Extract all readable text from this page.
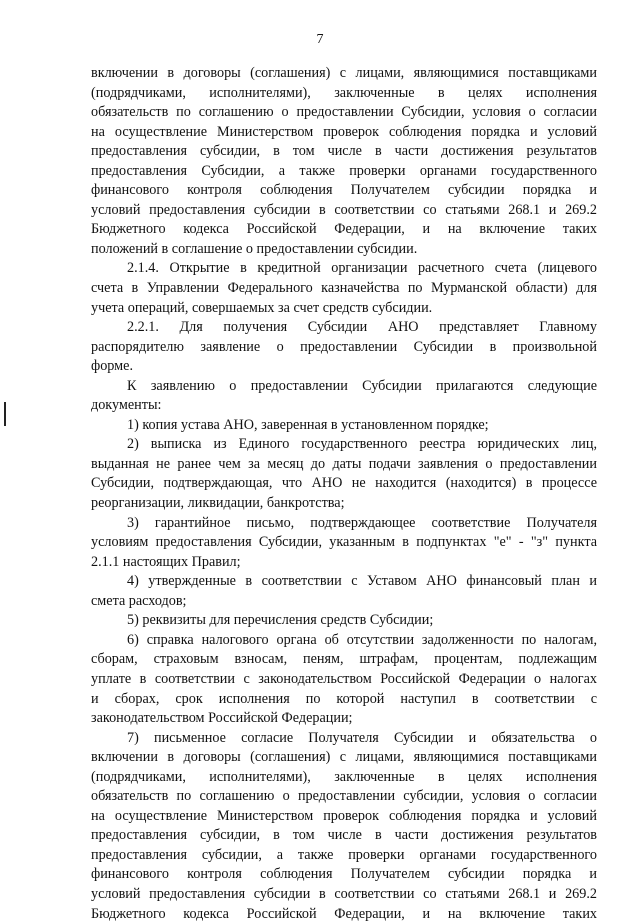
7
включении в договоры (соглашения) с лицами, являющимися поставщиками
(подрядчиками, исполнителями), заключенные в целях исполнения
обязательств по соглашению о предоставлении Субсидии, условия о согласии
на осуществление Министерством проверок соблюдения порядка и условий
предоставления субсидии, в том числе в части достижения результатов
предоставления Субсидии, а также проверки органами государственного
финансового контроля соблюдения Получателем субсидии порядка и
условий предоставления субсидии в соответствии со статьями 268.1 и 269.2
Бюджетного кодекса Российской Федерации, и на включение таких
положений в соглашение о предоставлении субсидии.
2.1.4. Открытие в кредитной организации расчетного счета (лицевого
счета в Управлении Федерального казначейства по Мурманской области) для
учета операций, совершаемых за счет средств субсидии.
2.2.1. Для получения Субсидии АНО представляет Главному
распорядителю заявление о предоставлении Субсидии в произвольной
форме.
К заявлению о предоставлении Субсидии прилагаются следующие
документы:
1) копия устава АНО, заверенная в установленном порядке;
2) выписка из Единого государственного реестра юридических лиц,
выданная не ранее чем за месяц до даты подачи заявления о предоставлении
Субсидии, подтверждающая, что АНО не находится (находится) в процессе
реорганизации, ликвидации, банкротства;
3) гарантийное письмо, подтверждающее соответствие Получателя
условиям предоставления Субсидии, указанным в подпунктах "е" - "з" пункта
2.1.1 настоящих Правил;
4) утвержденные в соответствии с Уставом АНО финансовый план и
смета расходов;
5) реквизиты для перечисления средств Субсидии;
6) справка налогового органа об отсутствии задолженности по налогам,
сборам, страховым взносам, пеням, штрафам, процентам, подлежащим
уплате в соответствии с законодательством Российской Федерации о налогах
и сборах, срок исполнения по которой наступил в соответствии с
законодательством Российской Федерации;
7) письменное согласие Получателя Субсидии и обязательства о
включении в договоры (соглашения) с лицами, являющимися поставщиками
(подрядчиками, исполнителями), заключенные в целях исполнения
обязательств по соглашению о предоставлении субсидии, условия о согласии
на осуществление Министерством проверок соблюдения порядка и условий
предоставления субсидии, в том числе в части достижения результатов
предоставления субсидии, а также проверки органами государственного
финансового контроля соблюдения Получателем субсидии порядка и
условий предоставления субсидии в соответствии со статьями 268.1 и 269.2
Бюджетного кодекса Российской Федерации, и на включение таких
